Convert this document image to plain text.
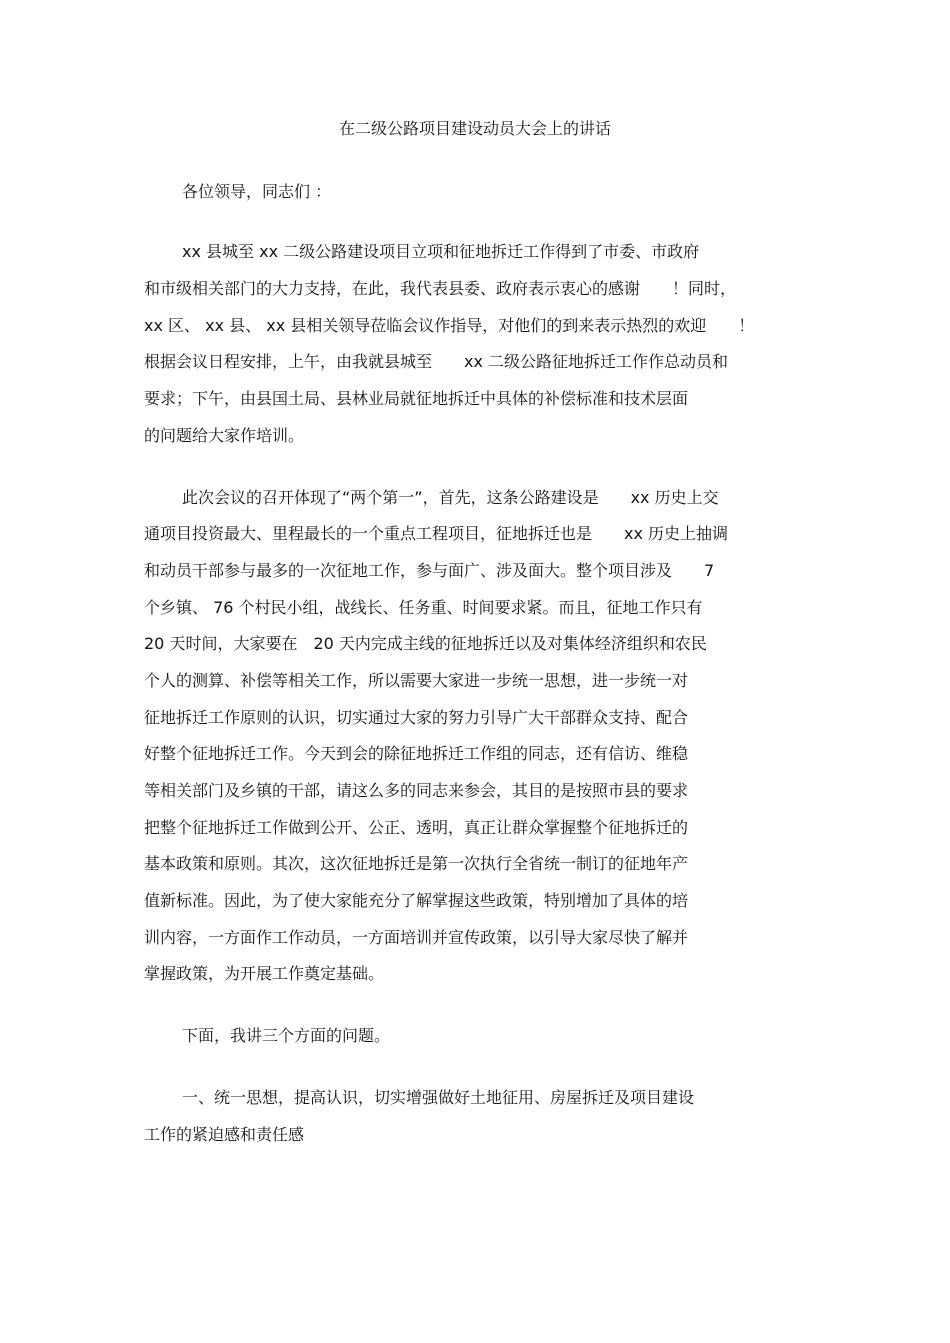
在二级公路项目建设动员大会上的讲话
各位领导，同志们 ：
xx 县城至 xx 二级公路建设项目立项和征地拆迁工作得到了市委、市政府
和市级相关部门的大力支持，在此，我代表县委、政府表示衷心的感谢　　！同时，
xx 区、 xx 县、 xx 县相关领导莅临会议作指导，对他们的到来表示热烈的欢迎　　！
根据会议日程安排，上午，由我就县城至　　xx 二级公路征地拆迁工作作总动员和
要求；下午，由县国土局、县林业局就征地拆迁中具体的补偿标准和技术层面
的问题给大家作培训。
此次会议的召开体现了“两个第一”，首先，这条公路建设是　　xx 历史上交
通项目投资最大、里程最长的一个重点工程项目，征地拆迁也是　　xx 历史上抽调
和动员干部参与最多的一次征地工作，参与面广、涉及面大。整个项目涉及　　7
个乡镇、 76 个村民小组，战线长、任务重、时间要求紧。而且，征地工作只有
20 天时间，大家要在　20 天内完成主线的征地拆迁以及对集体经济组织和农民
个人的测算、补偿等相关工作，所以需要大家进一步统一思想，进一步统一对
征地拆迁工作原则的认识，切实通过大家的努力引导广大干部群众支持、配合
好整个征地拆迁工作。今天到会的除征地拆迁工作组的同志，还有信访、维稳
等相关部门及乡镇的干部，请这么多的同志来参会，其目的是按照市县的要求
把整个征地拆迁工作做到公开、公正、透明，真正让群众掌握整个征地拆迁的
基本政策和原则。其次，这次征地拆迁是第一次执行全省统一制订的征地年产
值新标准。因此，为了使大家能充分了解掌握这些政策，特别增加了具体的培
训内容，一方面作工作动员，一方面培训并宣传政策，以引导大家尽快了解并
掌握政策，为开展工作奠定基础。
下面，我讲三个方面的问题。
一、统一思想，提高认识，切实增强做好土地征用、房屋拆迁及项目建设
工作的紧迫感和责任感
